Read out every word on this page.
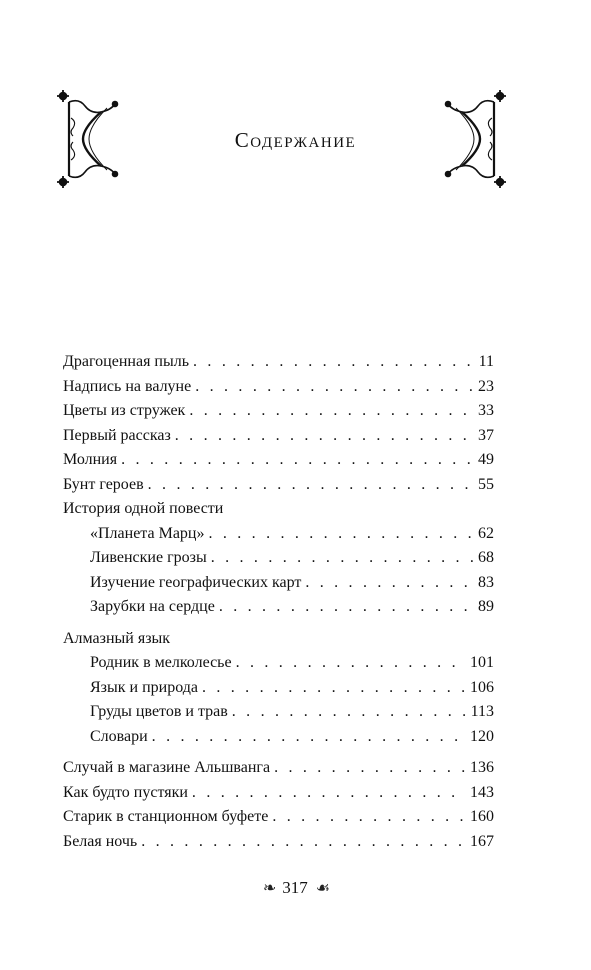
Содержание
Драгоценная пыль . . .	11
Надпись на валуне . . .	23
Цветы из стружек . . .	33
Первый рассказ . . .	37
Молния . . .	49
Бунт героев . . .	55
История одной повести
«Планета Марц» . . .	62
Ливенские грозы . . .	68
Изучение географических карт . . .	83
Зарубки на сердце . . .	89
Алмазный язык
Родник в мелколесье . . .	101
Язык и природа . . .	106
Груды цветов и трав . . .	113
Словари . . .	120
Случай в магазине Альшванга . . .	136
Как будто пустяки . . .	143
Старик в станционном буфете . . .	160
Белая ночь . . .	167
❧ 317 ☙
